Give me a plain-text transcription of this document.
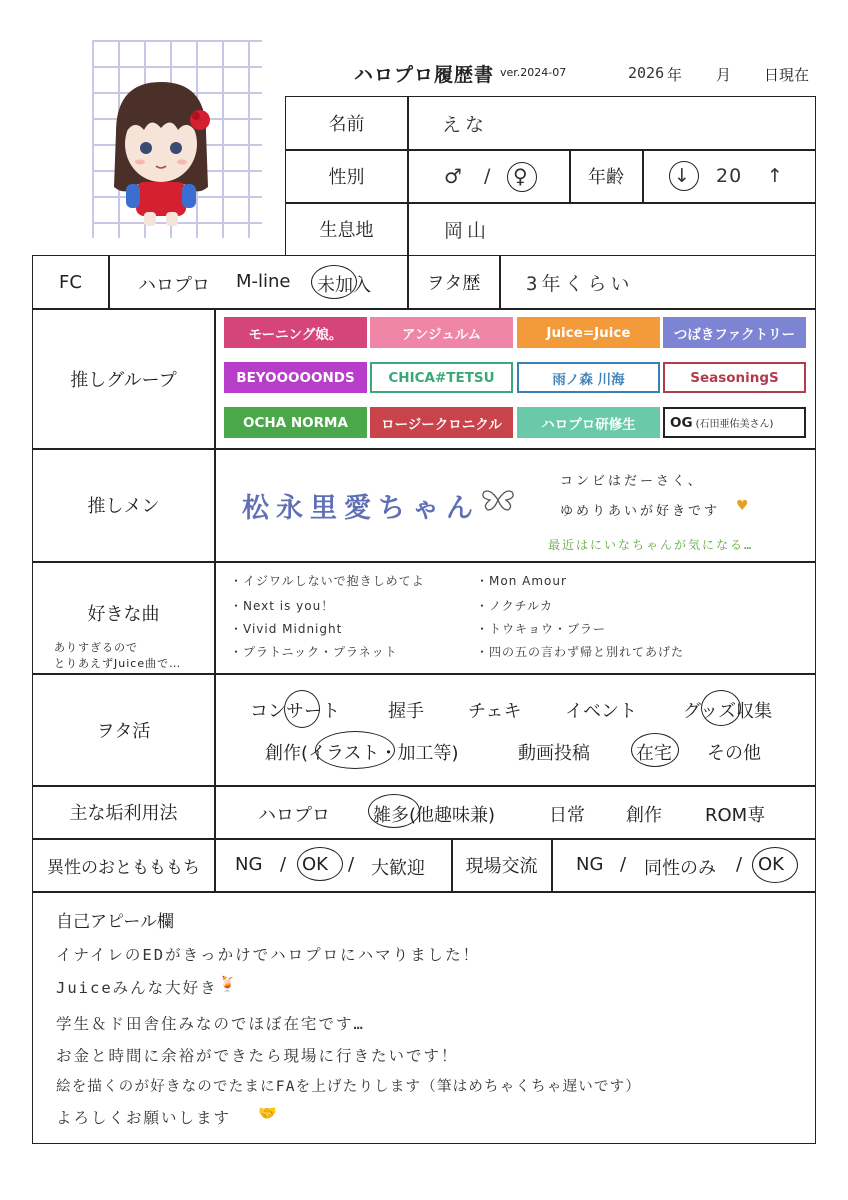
ハロプロ履歴書 ver.2024-07	2026 年 月 日現在
名前	えな
性別	♂ / ♀	年齢	↓ 20 ↑
生息地	岡山
FC	ハロプロ M-line 未加入	ヲタ歴	3年くらい
推しグループ
モーニング娘。	アンジュルム	Juice=Juice	つばきファクトリー
BEYOOOOONDS	CHICA#TETSU	雨ノ森 川海	SeasoningS
OCHA NORMA	ロージークロニクル	ハロプロ研修生	OG (石田亜佑美さん)
推しメン	松永里愛ちゃん
コンビはだーさく、
ゆめりあいが好きです ♥
最近はにいなちゃんが気になる…
好きな曲
ありすぎるので
とりあえずJuice曲で…
・イジワルしないで抱きしめてよ
・Next is you！
・Vivid Midnight
・プラトニック・プラネット
・Mon Amour
・ノクチルカ
・トウキョウ・ブラー
・四の五の言わず帰と別れてあげた
ヲタ活
コンサート	握手 チェキ イベント	グッズ収集
創作(イラスト・加工等)	動画投稿	在宅 その他
主な垢利用法	ハロプロ 雑多(他趣味兼)	日常 創作 ROM専
異性のおともももち	NG / OK / 大歓迎	現場交流	NG / 同性のみ / OK
自己アピール欄
イナイレのEDがきっかけでハロプロにハマりました！
Juiceみんな大好き 🍹
学生＆ド田舎住みなのでほぼ在宅です…
お金と時間に余裕ができたら現場に行きたいです！
絵を描くのが好きなのでたまにFAを上げたりします（筆はめちゃくちゃ遅いです）
よろしくお願いします 🤝
